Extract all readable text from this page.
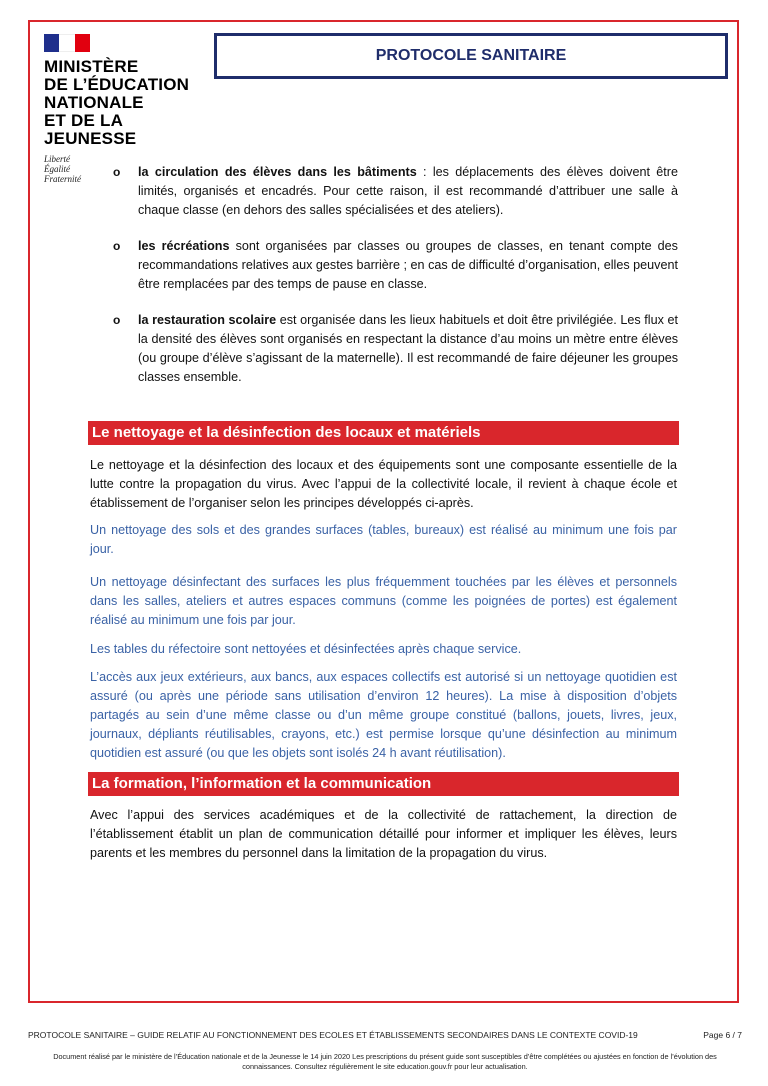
MINISTÈRE
DE L’ÉDUCATION
NATIONALE
ET DE LA JEUNESSE
Liberté
Égalité
Fraternité
PROTOCOLE SANITAIRE
o la circulation des élèves dans les bâtiments : les déplacements des élèves doivent être limités, organisés et encadrés. Pour cette raison, il est recommandé d’attribuer une salle à chaque classe (en dehors des salles spécialisées et des ateliers).
o les récréations sont organisées par classes ou groupes de classes, en tenant compte des recommandations relatives aux gestes barrière ; en cas de difficulté d’organisation, elles peuvent être remplacées par des temps de pause en classe.
o la restauration scolaire est organisée dans les lieux habituels et doit être privilégiée. Les flux et la densité des élèves sont organisés en respectant la distance d’au moins un mètre entre élèves (ou groupe d’élève s’agissant de la maternelle). Il est recommandé de faire déjeuner les groupes classes ensemble.
Le nettoyage et la désinfection des locaux et matériels

Le nettoyage et la désinfection des locaux et des équipements sont une composante essentielle de la lutte contre la propagation du virus. Avec l’appui de la collectivité locale, il revient à chaque école et établissement de l’organiser selon les principes développés ci-après.

Un nettoyage des sols et des grandes surfaces (tables, bureaux) est réalisé au minimum une fois par jour.

Un nettoyage désinfectant des surfaces les plus fréquemment touchées par les élèves et personnels dans les salles, ateliers et autres espaces communs (comme les poignées de portes) est également réalisé au minimum une fois par jour.

Les tables du réfectoire sont nettoyées et désinfectées après chaque service.

L’accès aux jeux extérieurs, aux bancs, aux espaces collectifs est autorisé si un nettoyage quotidien est assuré (ou après une période sans utilisation d’environ 12 heures). La mise à disposition d’objets partagés au sein d’une même classe ou d’un même groupe constitué (ballons, jouets, livres, jeux, journaux, dépliants réutilisables, crayons, etc.) est permise lorsque qu’une désinfection au minimum quotidien est assuré (ou que les objets sont isolés 24 h avant réutilisation).

La formation, l’information et la communication

Avec l’appui des services académiques et de la collectivité de rattachement, la direction de l’établissement établit un plan de communication détaillé pour informer et impliquer les élèves, leurs parents et les membres du personnel dans la limitation de la propagation du virus.

PROTOCOLE SANITAIRE – GUIDE RELATIF AU FONCTIONNEMENT DES ECOLES ET ÉTABLISSEMENTS SECONDAIRES DANS LE CONTEXTE COVID-19	Page 6 / 7
Document réalisé par le ministère de l’Éducation nationale et de la Jeunesse le 14 juin 2020 Les prescriptions du présent guide sont susceptibles d’être complétées ou ajustées en fonction de l’évolution des
connaissances. Consultez régulièrement le site education.gouv.fr pour leur actualisation.
